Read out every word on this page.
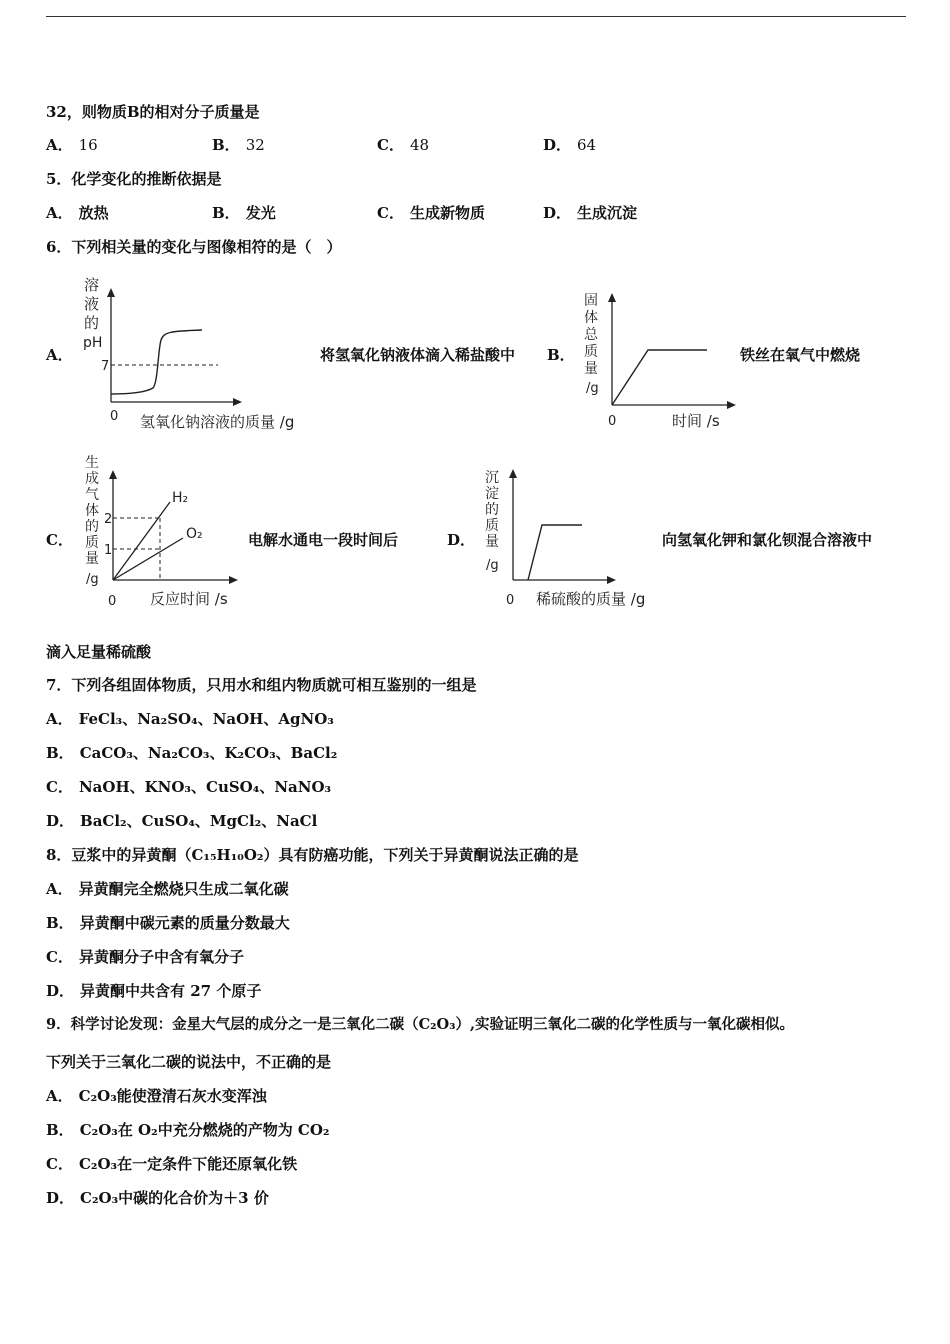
32，则物质B的相对分子质量是
A． 16	B． 32	C． 48	D． 64
5．化学变化的推断依据是
A． 放热	B． 发光	C． 生成新物质	D． 生成沉淀
6．下列相关量的变化与图像相符的是（　）
A．
溶
液
的
pH
7
0 氢氧化钠溶液的质量 /g
将氢氧化钠液体滴入稀盐酸中 B．
固
体
总
质
量
/g
0	时间 /s
铁丝在氧气中燃烧
C．
生
成
气
体
的
质
量
/g
2
1
H₂
O₂
0 反应时间 /s
电解水通电一段时间后	D．
沉
淀
的
质
量
/g
0 稀硫酸的质量 /g
向氢氧化钾和氯化钡混合溶液中
滴入足量稀硫酸
7．下列各组固体物质，只用水和组内物质就可相互鉴别的一组是
A． FeCl₃、Na₂SO₄、NaOH、AgNO₃
B． CaCO₃、Na₂CO₃、K₂CO₃、BaCl₂
C． NaOH、KNO₃、CuSO₄、NaNO₃
D． BaCl₂、CuSO₄、MgCl₂、NaCl
8．豆浆中的异黄酮（C₁₅H₁₀O₂）具有防癌功能，下列关于异黄酮说法正确的是
A． 异黄酮完全燃烧只生成二氧化碳
B． 异黄酮中碳元素的质量分数最大
C． 异黄酮分子中含有氧分子
D． 异黄酮中共含有 27 个原子
9．科学讨论发现：金星大气层的成分之一是三氧化二碳（C₂O₃）,实验证明三氧化二碳的化学性质与一氧化碳相似。
下列关于三氧化二碳的说法中，不正确的是
A． C₂O₃能使澄清石灰水变浑浊
B． C₂O₃在 O₂中充分燃烧的产物为 CO₂
C． C₂O₃在一定条件下能还原氧化铁
D． C₂O₃中碳的化合价为＋3 价
